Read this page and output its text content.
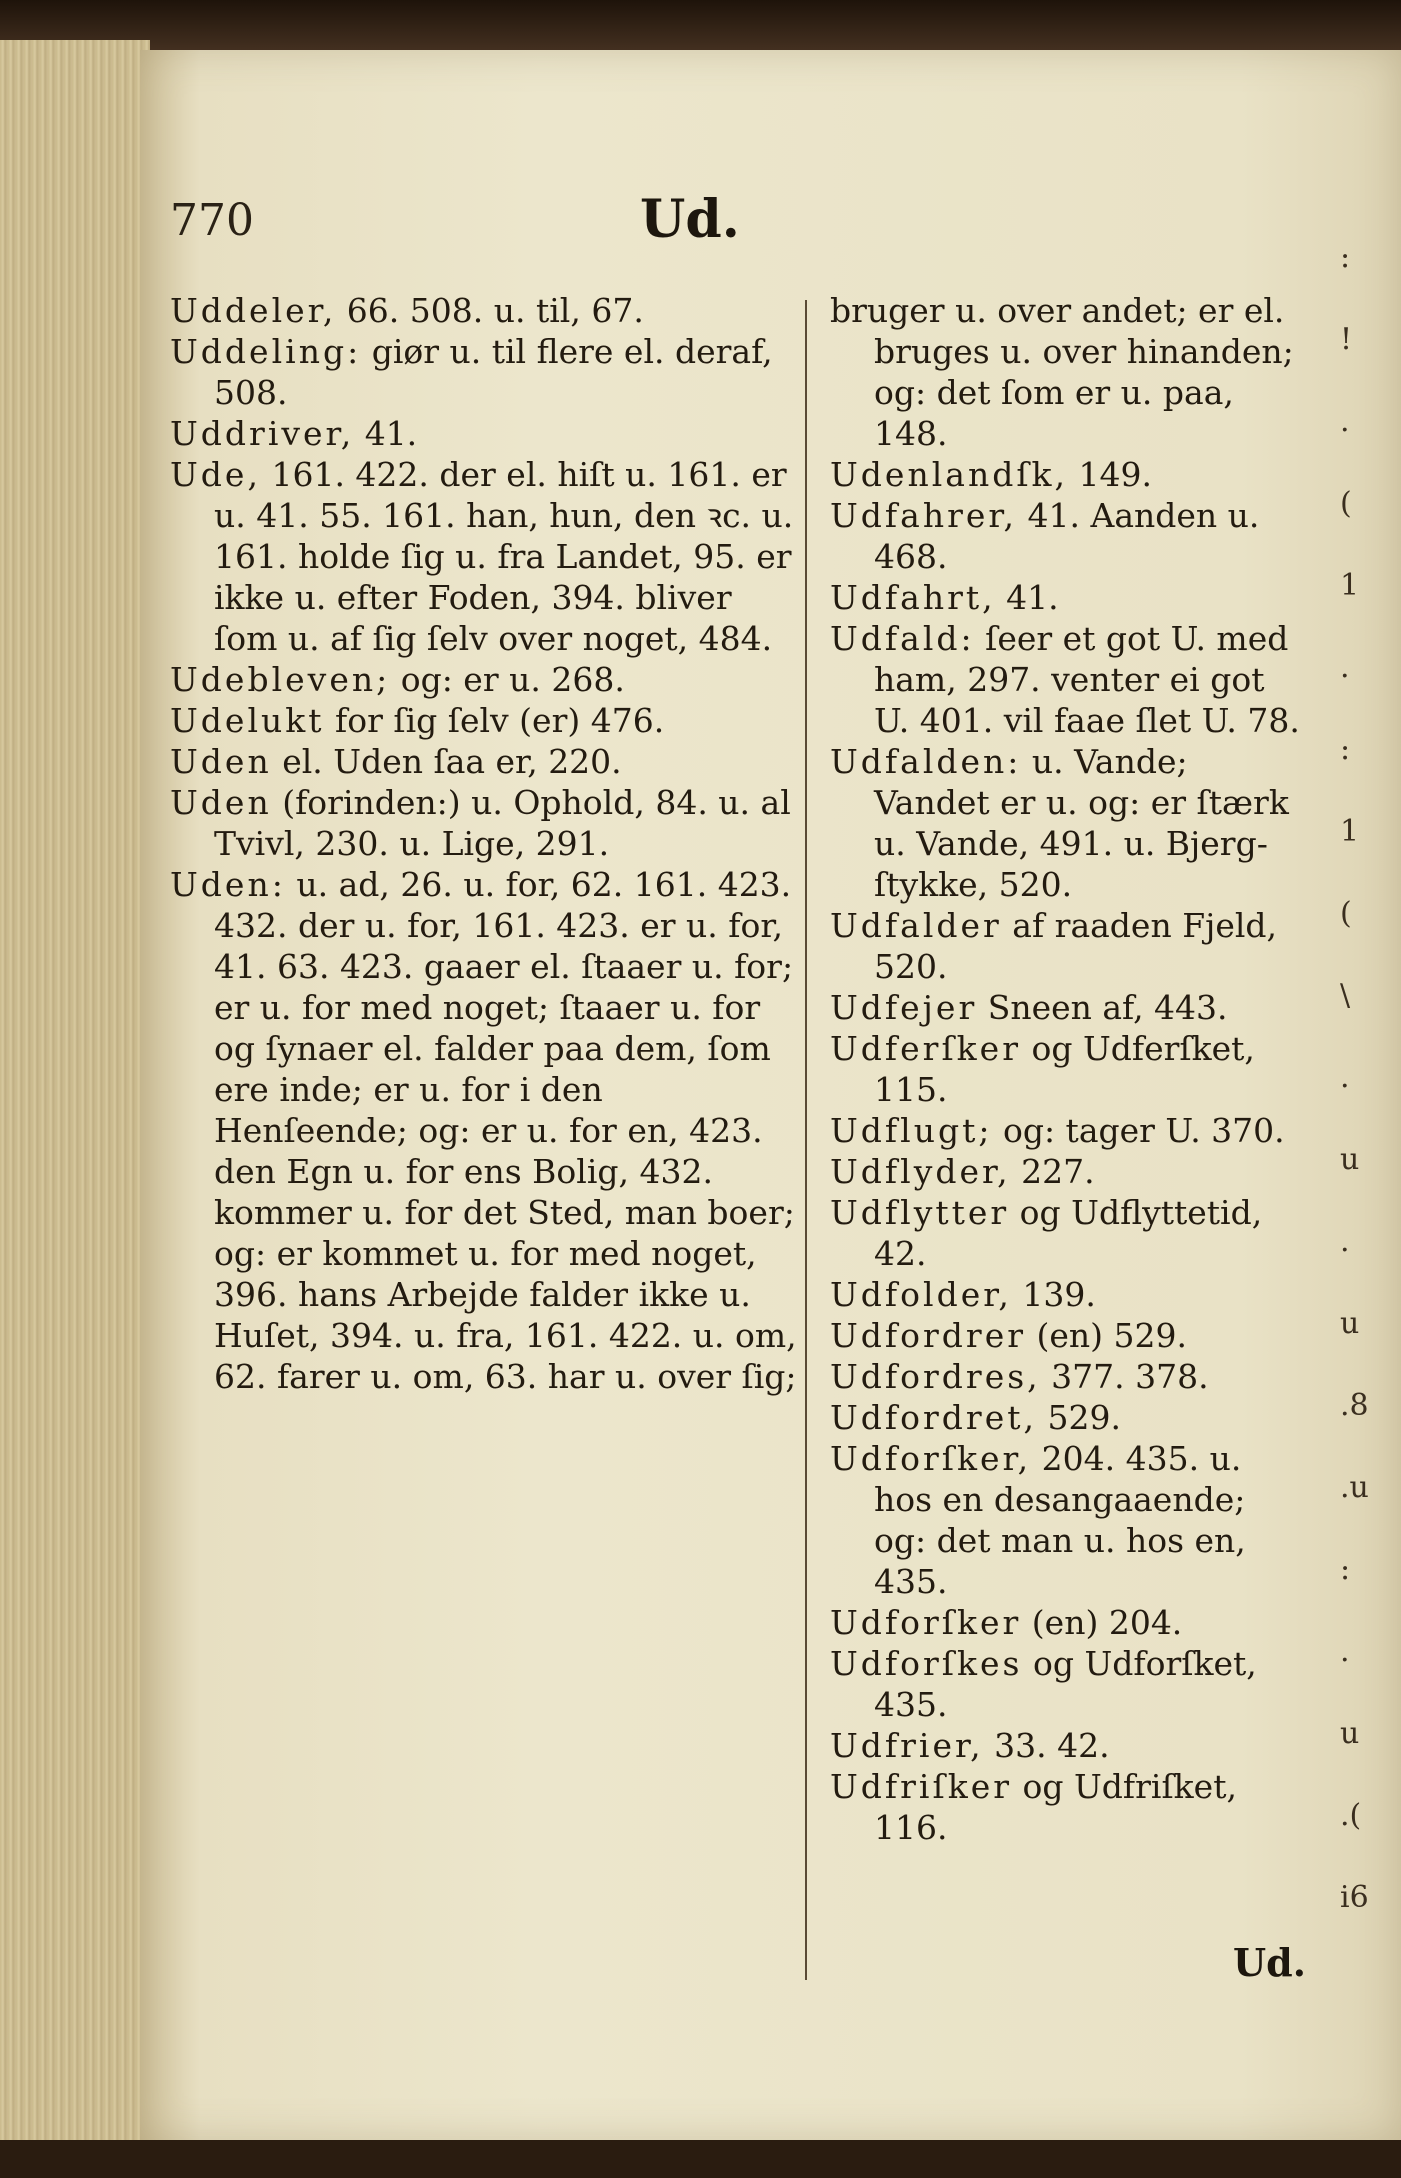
770	Ud.

Uddeler, 66. 508. u. til, 67.

Uddeling: giør u. til flere el. deraf, 508.

Uddriver, 41.

Ude, 161. 422. der el. hiſt u. 161. er u. 41. 55. 161. han, hun, den ꝛc. u. 161. holde ſig u. fra Landet, 95. er ikke u. efter Foden, 394. bliver ſom u. af ſig ſelv over noget, 484.

Udebleven; og: er u. 268.

Udelukt for ſig ſelv (er) 476.

Uden el. Uden ſaa er, 220.

Uden (forinden:) u. Ophold, 84. u. al Tvivl, 230. u. Lige, 291.

Uden: u. ad, 26. u. for, 62. 161. 423. 432. der u. for, 161. 423. er u. for, 41. 63. 423. gaaer el. ſtaaer u. for; er u. for med noget; ſtaaer u. for og ſynaer el. falder paa dem, ſom ere inde; er u. for i den Henſeende; og: er u. for en, 423. den Egn u. for ens Bolig, 432. kommer u. for det Sted, man boer; og: er kommet u. for med noget, 396. hans Arbejde falder ikke u. Huſet, 394. u. fra, 161. 422. u. om, 62. farer u. om, 63. har u. over ſig;

bruger u. over andet; er el. bruges u. over hinanden; og: det ſom er u. paa, 148.

Udenlandſk, 149.

Udfahrer, 41. Aanden u. 468.

Udfahrt, 41.

Udfald: ſeer et got U. med ham, 297. venter ei got U. 401. vil faae ſlet U. 78.

Udfalden: u. Vande; Vandet er u. og: er ſtærk u. Vande, 491. u. Bjergſtykke, 520.

Udfalder af raaden Fjeld, 520.

Udfejer Sneen af, 443.

Udferſker og Udferſket, 115.

Udflugt; og: tager U. 370.

Udflyder, 227.

Udflytter og Udflyttetid, 42.

Udfolder, 139.

Udfordrer (en) 529.

Udfordres, 377. 378.

Udfordret, 529.

Udforſker, 204. 435. u. hos en desangaaende; og: det man u. hos en, 435.

Udforſker (en) 204.

Udforſkes og Udforſket, 435.

Udfrier, 33. 42.

Udfriſker og Udfriſket, 116.

Ud.
:
!
.
(
1
.
:
1
(
\
.
u
.
u
.8
.u
:
.
u
.(
i6
